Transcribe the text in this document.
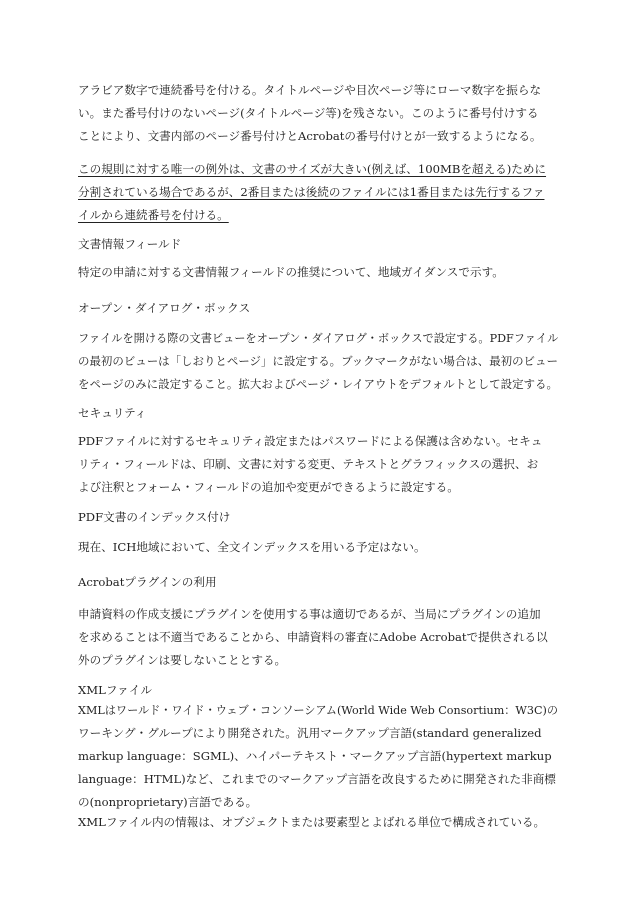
アラビア数字で連続番号を付ける。タイトルページや目次ページ等にローマ数字を振らな
い。また番号付けのないページ(タイトルページ等)を残さない。このように番号付けする
ことにより、文書内部のページ番号付けとAcrobatの番号付けとが一致するようになる。
この規則に対する唯一の例外は、文書のサイズが大きい(例えば、100MBを超える)ために
分割されている場合であるが、2番目または後続のファイルには1番目または先行するファ
イルから連続番号を付ける。
文書情報フィールド
特定の申請に対する文書情報フィールドの推奨について、地域ガイダンスで示す。
オープン・ダイアログ・ボックス
ファイルを開ける際の文書ビューをオープン・ダイアログ・ボックスで設定する。PDFファイル
の最初のビューは「しおりとページ」に設定する。ブックマークがない場合は、最初のビュー
をページのみに設定すること。拡大およびページ・レイアウトをデフォルトとして設定する。
セキュリティ
PDFファイルに対するセキュリティ設定またはパスワードによる保護は含めない。セキュ
リティ・フィールドは、印刷、文書に対する変更、テキストとグラフィックスの選択、お
よび注釈とフォーム・フィールドの追加や変更ができるように設定する。
PDF文書のインデックス付け
現在、ICH地域において、全文インデックスを用いる予定はない。
Acrobatプラグインの利用
申請資料の作成支援にプラグインを使用する事は適切であるが、当局にプラグインの追加
を求めることは不適当であることから、申請資料の審査にAdobe Acrobatで提供される以
外のプラグインは要しないこととする。
XMLファイル
XMLはワールド・ワイド・ウェブ・コンソーシアム(World Wide Web Consortium：W3C)の
ワーキング・グループにより開発された。汎用マークアップ言語(standard generalized
markup language：SGML)、ハイパーテキスト・マークアップ言語(hypertext markup
language：HTML)など、これまでのマークアップ言語を改良するために開発された非商標
の(nonproprietary)言語である。
XMLファイル内の情報は、オブジェクトまたは要素型とよばれる単位で構成されている。
